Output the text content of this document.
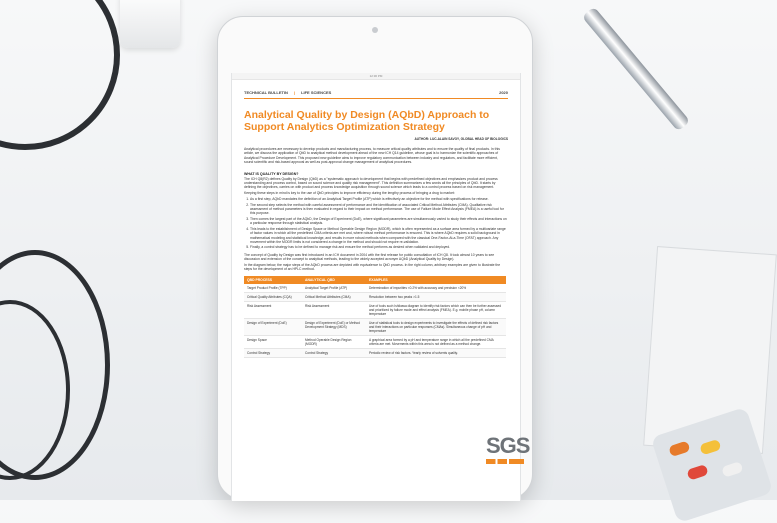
12:30 PM
TECHNICAL BULLETIN | LIFE SCIENCES	2020
Analytical Quality by Design (AQbD) Approach to Support Analytics Optimization Strategy
AUTHOR: LUC-ALAIN SAVOY, GLOBAL HEAD OF BIOLOGICS

Analytical procedures are necessary to develop products and manufacturing process, to measure critical quality attributes and to ensure the quality of final products. In this article, we discuss the application of QbD to analytical method development ahead of the new ICH Q14 guideline, whose goal is to harmonize the scientific approaches of Analytical Procedure Development. This proposed new guideline aims to improve regulatory communication between industry and regulators, and facilitate more efficient, sound scientific and risk-based approval as well as post-approval change management of analytical procedures.

WHAT IS QUALITY BY DESIGN?

The ICH Q8(R2) defines Quality by Design (QbD) as a "systematic approach to development that begins with predefined objectives and emphasizes product and process understanding and process control, based on sound science and quality risk management". This definition summarizes a few words all the principles of QbD. It starts by defining the objectives, carries on with product and process knowledge acquisition through sound science which leads to a control process based on risk management.

Keeping these steps in mind is key to the use of QbD principles to improve efficiency during the lengthy process of bringing a drug to market:

1. As a first step, AQbD mandates the definition of an Analytical Target Profile (ATP) which is effectively an objective for the method with specifications for release.
2. The second step selects the method with careful assessment of performance and the identification of associated Critical Method Attributes (CMA). Qualitative risk assessment of method parameters is then evaluated in regard to their impact on method performance. The use of Failure Mode Effect Analysis (FMEA) is a useful tool for this purpose.
3. Then comes the largest part of the AQbD, the Design of Experiment (DoE), where significant parameters are simultaneously varied to study their effects and interactions on a particular response through statistical analysis.
4. This leads to the establishment of Design Space or Method Operable Design Region (MODR), which is often represented as a surface area formed by a multivariate range of factor values in which all the predefined CMA criteria are met and, where robust method performance is ensured. This is where AQbD requires a solid background in mathematical modeling and statistical knowledge, and results in more robust methods when compared with the classical One-Factor-At-a-Time (OFAT) approach. Any movement within the MODR limits is not considered a change in the method and should not require re-validation.
5. Finally, a control strategy has to be defined to manage risk and ensure the method performs as desired when validated and deployed.

The concept of Quality by Design was first introduced in an ICH document in 2004 with the first release for public consultation of ICH Q8. It took almost 10 years to see discussion and extension of the concept to analytical methods, leading to the widely accepted acronym AQbD (Analytical Quality by Design).

In the diagram below, the major steps of the AQbD process are depicted with equivalence to QbD process. In the right column, arbitrary examples are given to illustrate the steps for the development of an HPLC method.

QBD PROCESS	ANALYTICAL QBD	EXAMPLES
Target Product Profile (TPP)	Analytical Target Profile (ATP)	Determination of impurities <0.2% with accuracy and precision <20%
Critical Quality Attributes (CQA)	Critical Method Attributes (CMA)	Resolution between two peaks >1.5
Risk Assessment	Risk Assessment	Use of tools such Ishikawa diagram to identify risk factors which can then be further assessed and prioritized by failure mode and effect analysis (FMEA). E.g. mobile phase pH, column temperature
Design of Experiment (DoE)	Design of Experiment (DoE) or Method Development Strategy (MDS)	Use of statistical tools to design experiments to investigate the effects of defined risk factors and their interactions on particular responses (CMAs). Simultaneous change of pH and temperature
Design Space	Method Operable Design Region (MODR)	A graphical area formed by a pH and temperature range in which all the predefined CMA criteria are met. Movements within this area is not defined as a method change.
Control Strategy	Control Strategy	Periodic review of risk factors. Yearly review of solvents quality.
SGS
